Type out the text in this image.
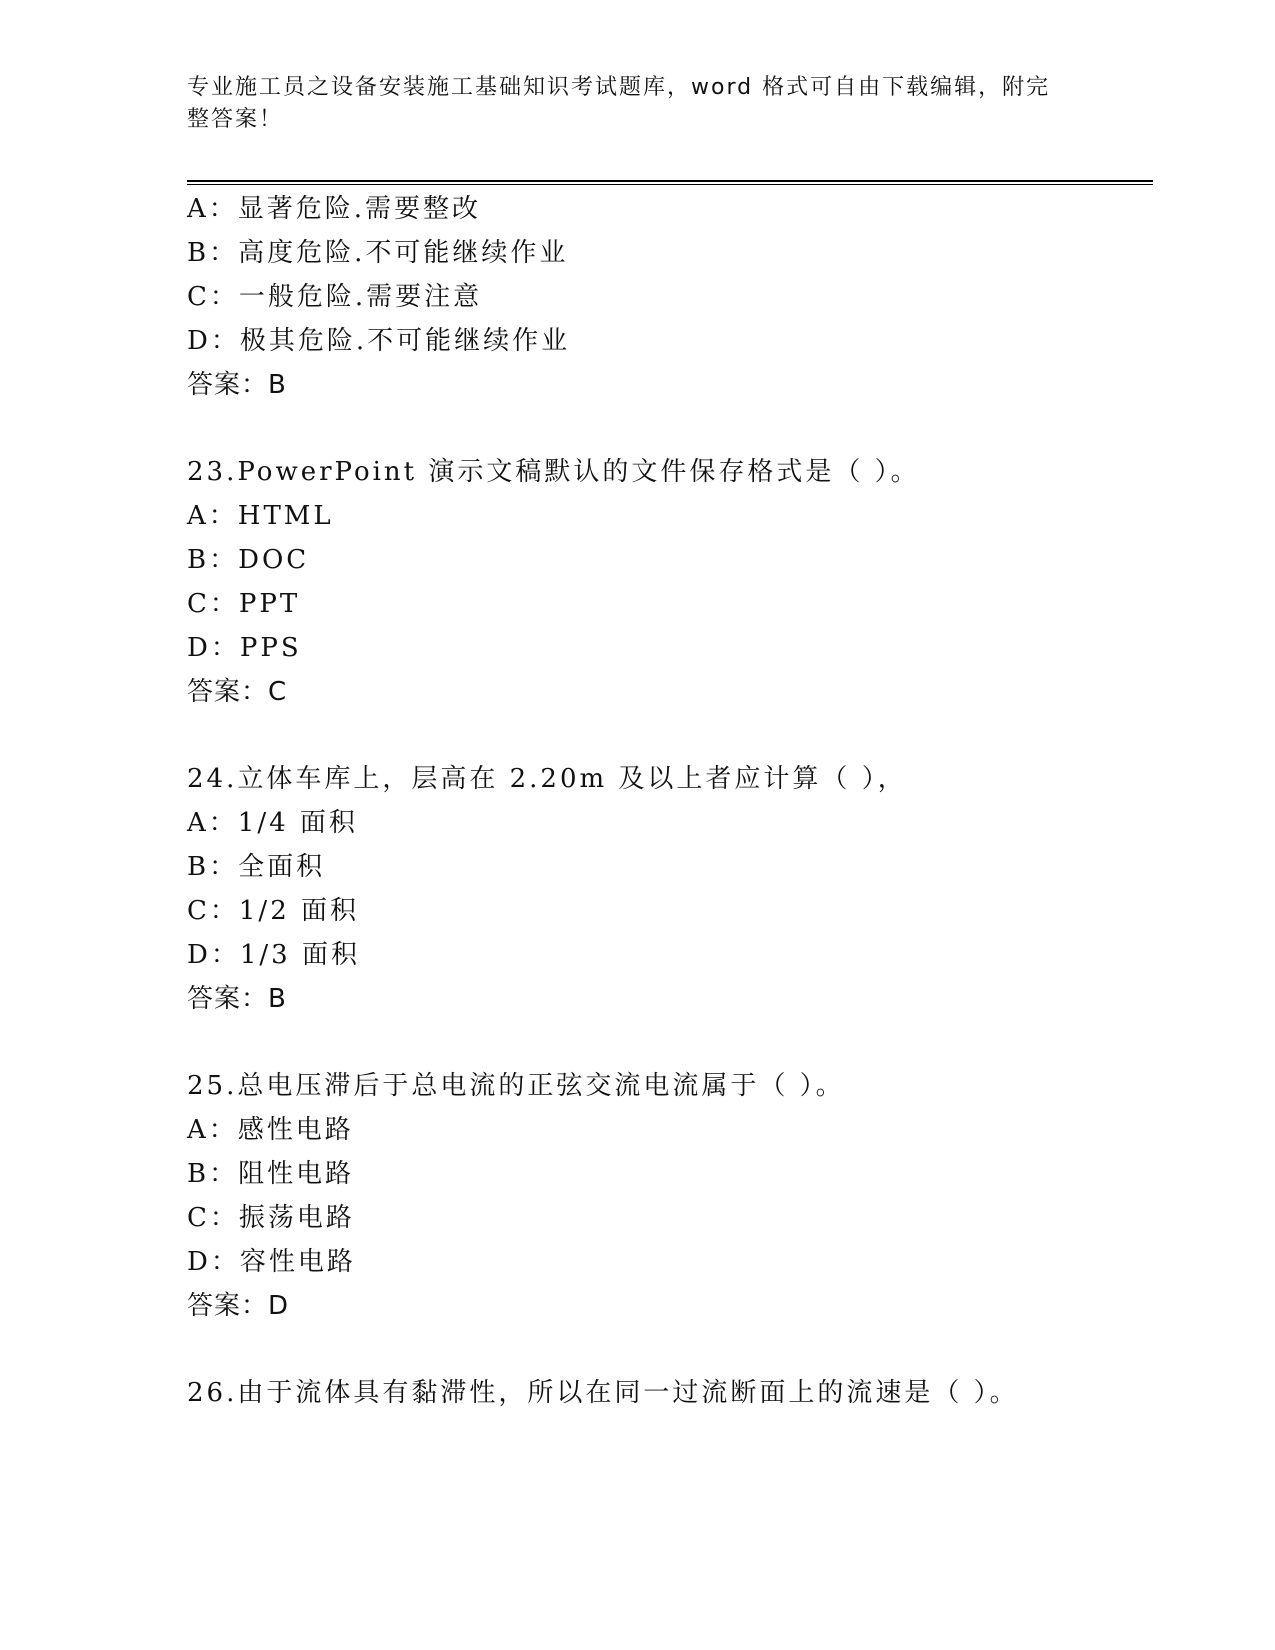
专业施工员之设备安装施工基础知识考试题库，word 格式可自由下载编辑，附完
整答案！
A：显著危险.需要整改
B：高度危险.不可能继续作业
C：一般危险.需要注意
D：极其危险.不可能继续作业
答案：B
23.PowerPoint 演示文稿默认的文件保存格式是（ ）。
A：HTML
B：DOC
C：PPT
D：PPS
答案：C
24.立体车库上，层高在 2.20m 及以上者应计算（ ），
A：1/4 面积
B：全面积
C：1/2 面积
D：1/3 面积
答案：B
25.总电压滞后于总电流的正弦交流电流属于（ ）。
A：感性电路
B：阻性电路
C：振荡电路
D：容性电路
答案：D
26.由于流体具有黏滞性，所以在同一过流断面上的流速是（ ）。
